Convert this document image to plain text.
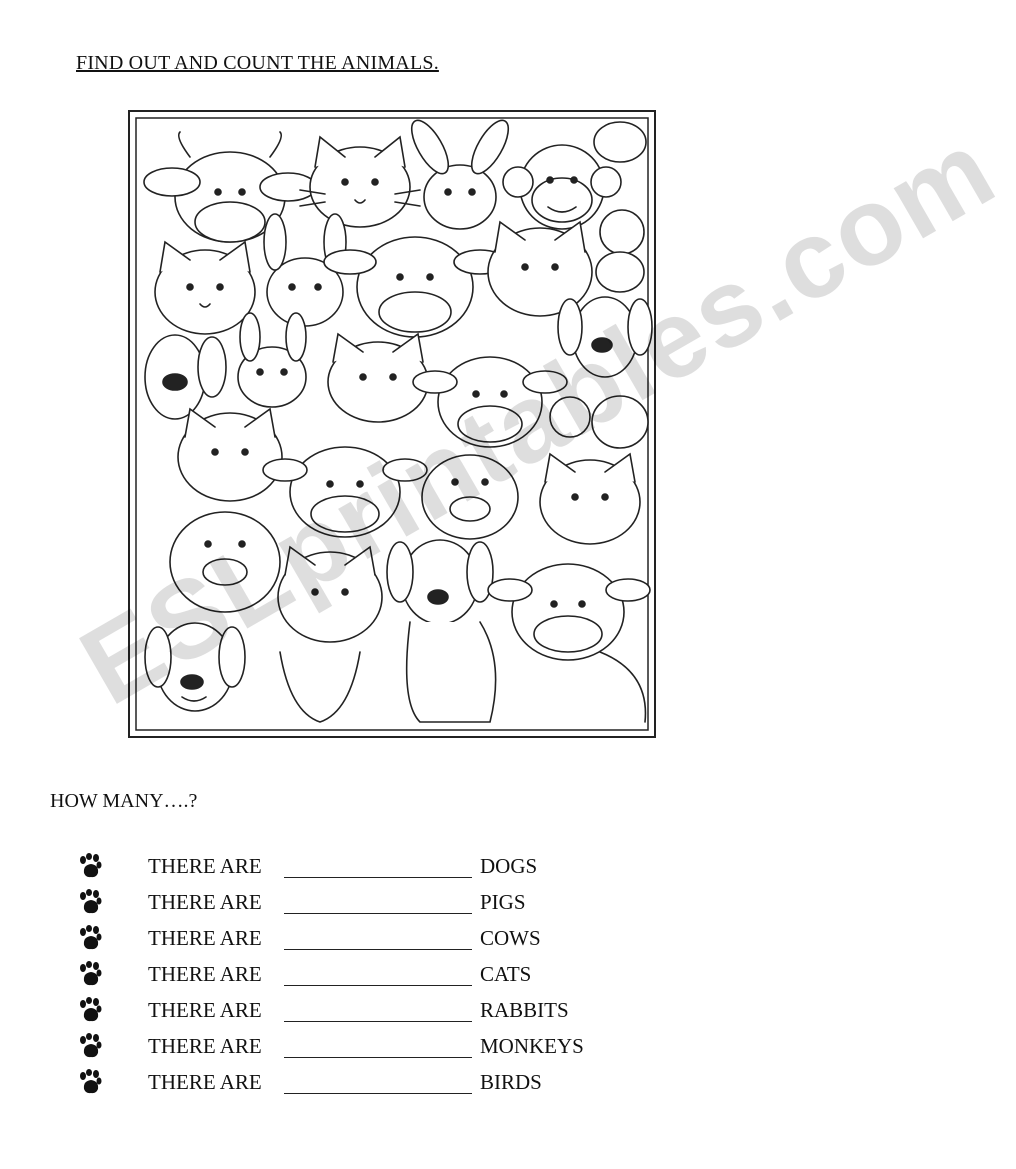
FIND OUT AND COUNT THE ANIMALS.
ESLprintables.com
HOW MANY….?
THERE ARE	DOGS
THERE ARE	PIGS
THERE ARE	COWS
THERE ARE	CATS
THERE ARE	RABBITS
THERE ARE	MONKEYS
THERE ARE	BIRDS
